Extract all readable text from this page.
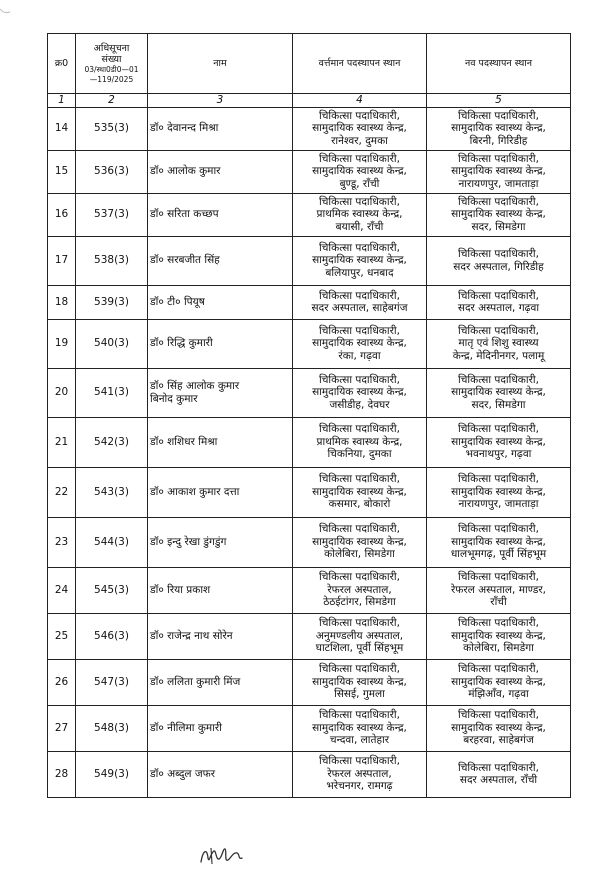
क्र0	अधिसूचना
संख्या
03/स्था0डी0—01
—119/2025	नाम	वर्त्तमान पदस्थापन स्थान	नव पदस्थापन स्थान

1	2	3	4	5
14	535(3)	डॉ० देवानन्द मिश्रा	चिकित्सा पदाधिकारी,
सामुदायिक स्वास्थ्य केन्द्र,
रानेश्वर, दुमका	चिकित्सा पदाधिकारी,
सामुदायिक स्वास्थ्य केन्द्र,
बिरनी, गिरिडीह

15	536(3)	डॉ० आलोक कुमार	चिकित्सा पदाधिकारी,
सामुदायिक स्वास्थ्य केन्द्र,
बुण्डू, राँची	चिकित्सा पदाधिकारी,
सामुदायिक स्वास्थ्य केन्द्र,
नारायणपुर, जामताड़ा

16	537(3)	डॉ० सरिता कच्छप	चिकित्सा पदाधिकारी,
प्राथमिक स्वास्थ्य केन्द्र,
बयासी, राँची	चिकित्सा पदाधिकारी,
सामुदायिक स्वास्थ्य केन्द्र,
सदर, सिमडेगा

17	538(3)	डॉ० सरबजीत सिंह	चिकित्सा पदाधिकारी,
सामुदायिक स्वास्थ्य केन्द्र,
बलियापुर, धनबाद	चिकित्सा पदाधिकारी,
सदर अस्पताल, गिरिडीह

18	539(3)	डॉ० टी० पियूष	चिकित्सा पदाधिकारी,
सदर अस्पताल, साहेबगंज	चिकित्सा पदाधिकारी,
सदर अस्पताल, गढ़वा

19	540(3)	डॉ० रिद्धि कुमारी	चिकित्सा पदाधिकारी,
सामुदायिक स्वास्थ्य केन्द्र,
रंका, गढ़वा	चिकित्सा पदाधिकारी,
मातृ एवं शिशु स्वास्थ्य
केन्द्र, मेदिनीनगर, पलामू

20	541(3)	डॉ० सिंह आलोक कुमार
बिनोद कुमार	चिकित्सा पदाधिकारी,
सामुदायिक स्वास्थ्य केन्द्र,
जसीडीह, देवघर	चिकित्सा पदाधिकारी,
सामुदायिक स्वास्थ्य केन्द्र,
सदर, सिमडेगा

21	542(3)	डॉ० शशिधर मिश्रा	चिकित्सा पदाधिकारी,
प्राथमिक स्वास्थ्य केन्द्र,
चिकनिया, दुमका	चिकित्सा पदाधिकारी,
सामुदायिक स्वास्थ्य केन्द्र,
भवनाथपुर, गढ़वा

22	543(3)	डॉ० आकाश कुमार दत्ता	चिकित्सा पदाधिकारी,
सामुदायिक स्वास्थ्य केन्द्र,
कसमार, बोकारो	चिकित्सा पदाधिकारी,
सामुदायिक स्वास्थ्य केन्द्र,
नारायणपुर, जामताड़ा

23	544(3)	डॉ० इन्दु रेखा डुंगडुंग	चिकित्सा पदाधिकारी,
सामुदायिक स्वास्थ्य केन्द्र,
कोलेबिरा, सिमडेगा	चिकित्सा पदाधिकारी,
सामुदायिक स्वास्थ्य केन्द्र,
धालभूमगढ़, पूर्वी सिंहभूम

24	545(3)	डॉ० रिया प्रकाश	चिकित्सा पदाधिकारी,
रेफरल अस्पताल,
ठेठईटांगर, सिमडेगा	चिकित्सा पदाधिकारी,
रेफरल अस्पताल, माण्डर,
राँची

25	546(3)	डॉ० राजेन्द्र नाथ सोरेन	चिकित्सा पदाधिकारी,
अनुमण्डलीय अस्पताल,
घाटशिला, पूर्वी सिंहभूम	चिकित्सा पदाधिकारी,
सामुदायिक स्वास्थ्य केन्द्र,
कोलेबिरा, सिमडेगा

26	547(3)	डॉ० ललिता कुमारी मिंज	चिकित्सा पदाधिकारी,
सामुदायिक स्वास्थ्य केन्द्र,
सिसई, गुमला	चिकित्सा पदाधिकारी,
सामुदायिक स्वास्थ्य केन्द्र,
मंझिआँव, गढ़वा

27	548(3)	डॉ० नीलिमा कुमारी	चिकित्सा पदाधिकारी,
सामुदायिक स्वास्थ्य केन्द्र,
चन्दवा, लातेहार	चिकित्सा पदाधिकारी,
सामुदायिक स्वास्थ्य केन्द्र,
बरहरवा, साहेबगंज

28	549(3)	डॉ० अब्दुल जफर	चिकित्सा पदाधिकारी,
रेफरल अस्पताल,
भरेचनगर, रामगढ़	चिकित्सा पदाधिकारी,
सदर अस्पताल, राँची
